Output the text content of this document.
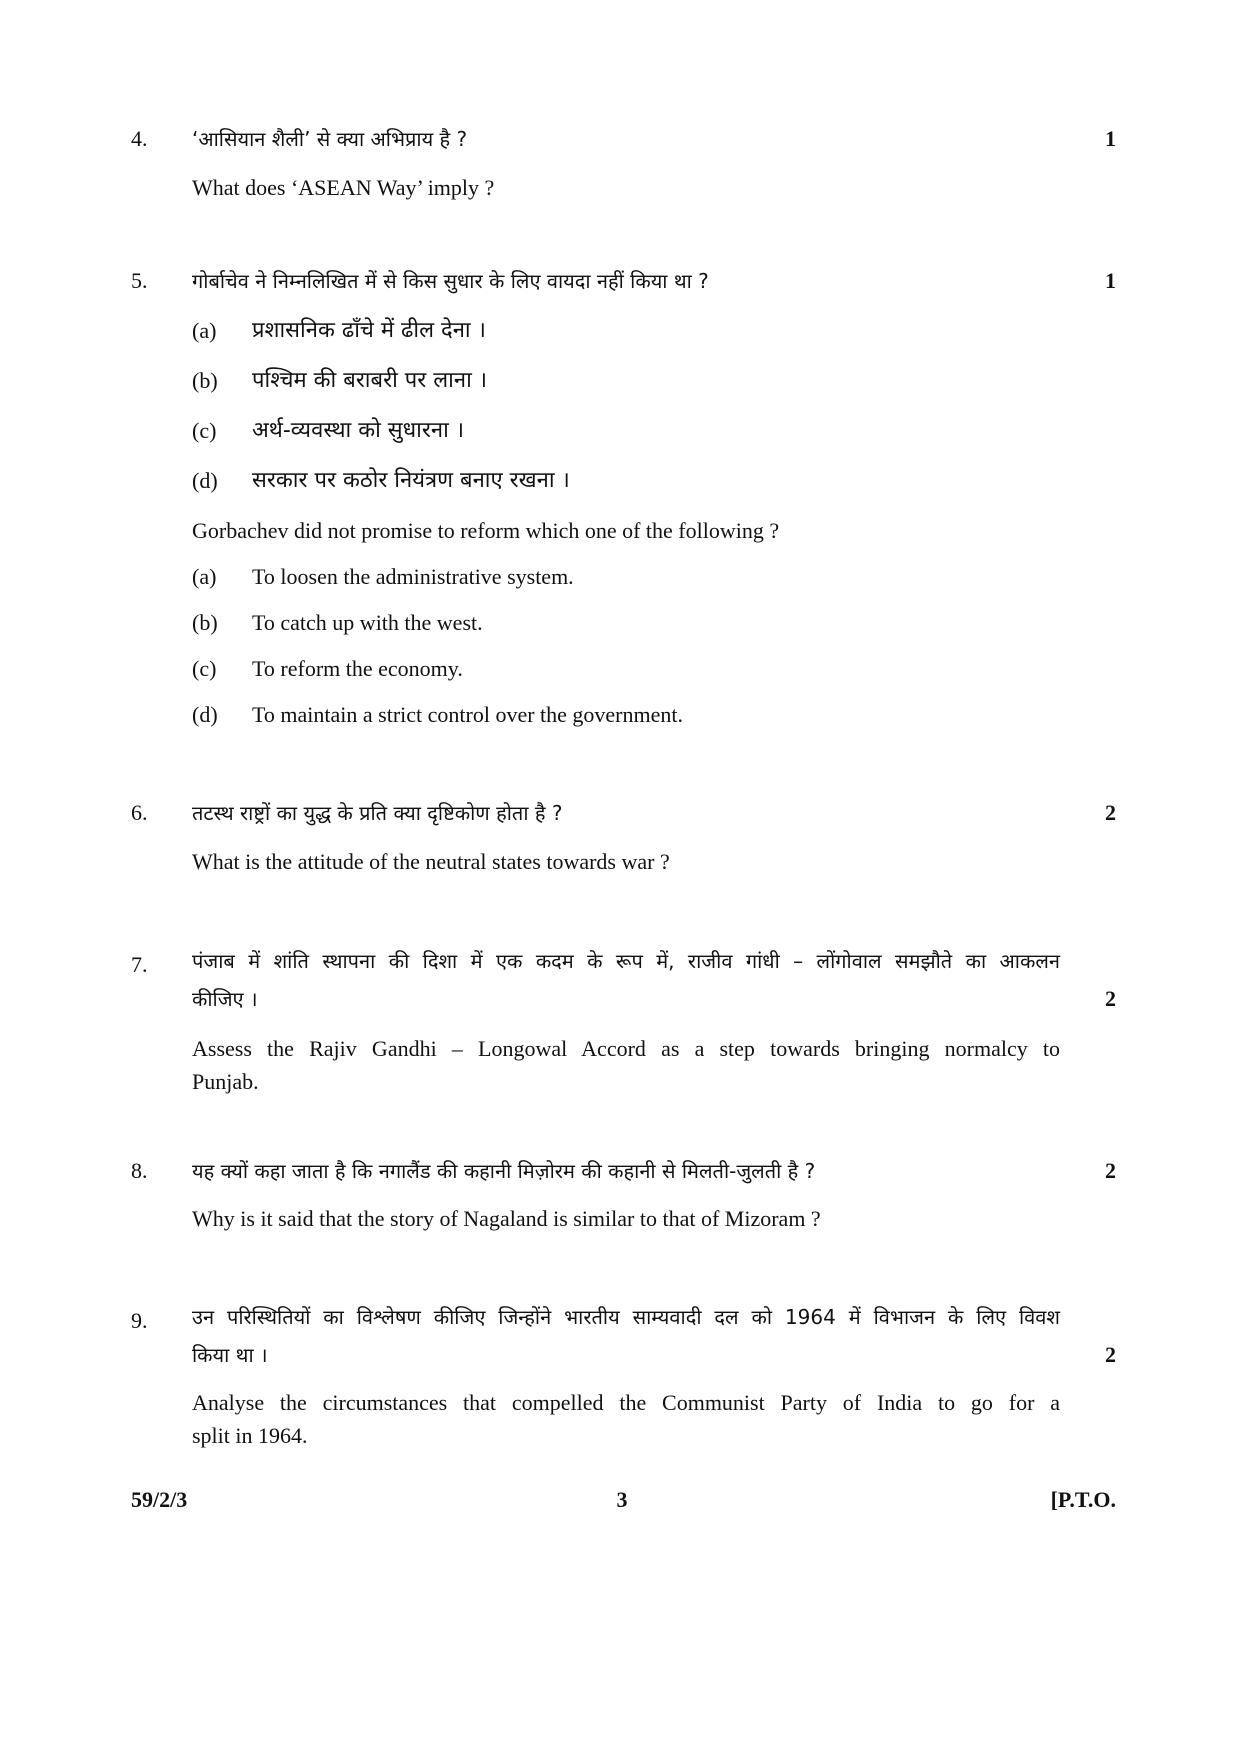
4. ‘आसियान शैली’ से क्या अभिप्राय है ?	1
What does ‘ASEAN Way’ imply ?
5. गोर्बाचेव ने निम्नलिखित में से किस सुधार के लिए वायदा नहीं किया था ?	1
(a) प्रशासनिक ढाँचे में ढील देना ।
(b) पश्चिम की बराबरी पर लाना ।
(c) अर्थ-व्यवस्था को सुधारना ।
(d) सरकार पर कठोर नियंत्रण बनाए रखना ।
Gorbachev did not promise to reform which one of the following ?
(a) To loosen the administrative system.
(b) To catch up with the west.
(c) To reform the economy.
(d) To maintain a strict control over the government.
6. तटस्थ राष्ट्रों का युद्ध के प्रति क्या दृष्टिकोण होता है ?	2
What is the attitude of the neutral states towards war ?
7. पंजाब में शांति स्थापना की दिशा में एक कदम के रूप में, राजीव गांधी – लोंगोवाल समझौते का आकलन
कीजिए ।	2
Assess the Rajiv Gandhi – Longowal Accord as a step towards bringing normalcy to
Punjab.
8. यह क्यों कहा जाता है कि नगालैंड की कहानी मिज़ोरम की कहानी से मिलती-जुलती है ?	2
Why is it said that the story of Nagaland is similar to that of Mizoram ?
9. उन परिस्थितियों का विश्लेषण कीजिए जिन्होंने भारतीय साम्यवादी दल को 1964 में विभाजन के लिए विवश
किया था ।	2
Analyse the circumstances that compelled the Communist Party of India to go for a
split in 1964.
59/2/3	3	[P.T.O.
